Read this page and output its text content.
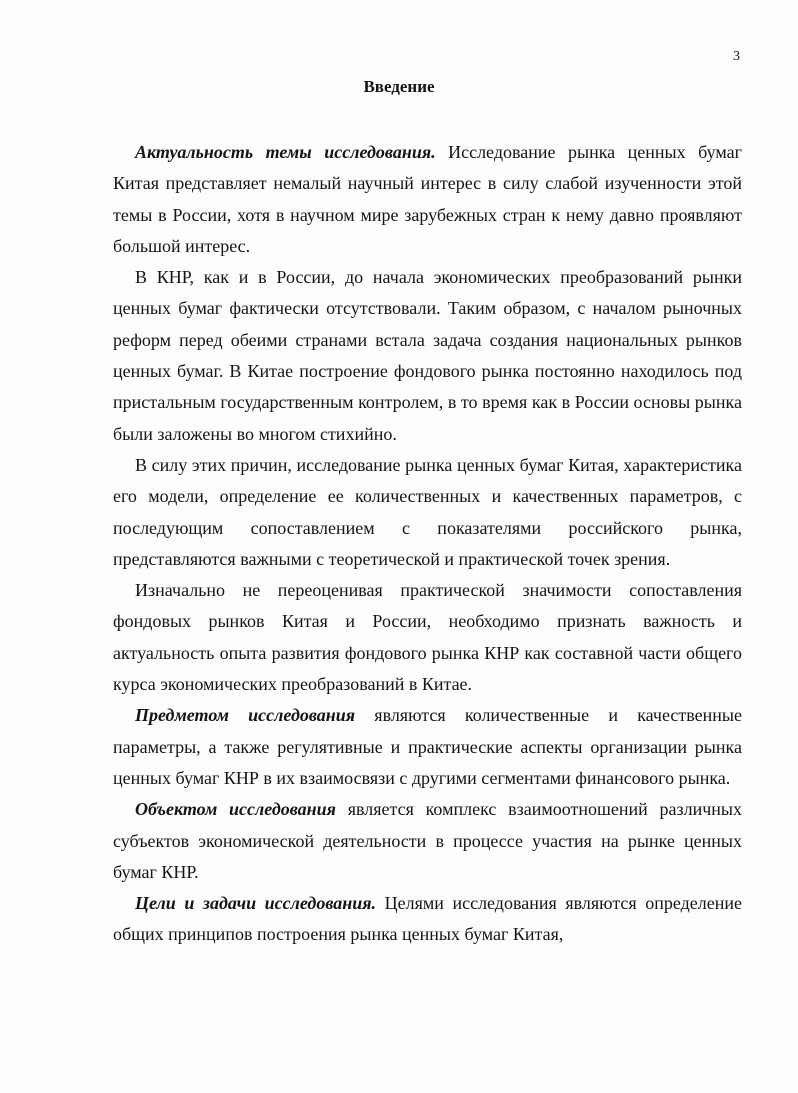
3
Введение

Актуальность темы исследования. Исследование рынка ценных бумаг Китая представляет немалый научный интерес в силу слабой изученности этой темы в России, хотя в научном мире зарубежных стран к нему давно проявляют большой интерес.

В КНР, как и в России, до начала экономических преобразований рынки ценных бумаг фактически отсутствовали. Таким образом, с началом рыночных реформ перед обеими странами встала задача создания национальных рынков ценных бумаг. В Китае построение фондового рынка постоянно находилось под пристальным государственным контролем, в то время как в России основы рынка были заложены во многом стихийно.

В силу этих причин, исследование рынка ценных бумаг Китая, характеристика его модели, определение ее количественных и качественных параметров, с последующим сопоставлением с показателями российского рынка, представляются важными с теоретической и практической точек зрения.

Изначально не переоценивая практической значимости сопоставления фондовых рынков Китая и России, необходимо признать важность и актуальность опыта развития фондового рынка КНР как составной части общего курса экономических преобразований в Китае.

Предметом исследования являются количественные и качественные параметры, а также регулятивные и практические аспекты организации рынка ценных бумаг КНР в их взаимосвязи с другими сегментами финансового рынка.

Объектом исследования является комплекс взаимоотношений различных субъектов экономической деятельности в процессе участия на рынке ценных бумаг КНР.

Цели и задачи исследования. Целями исследования являются определение общих принципов построения рынка ценных бумаг Китая,
